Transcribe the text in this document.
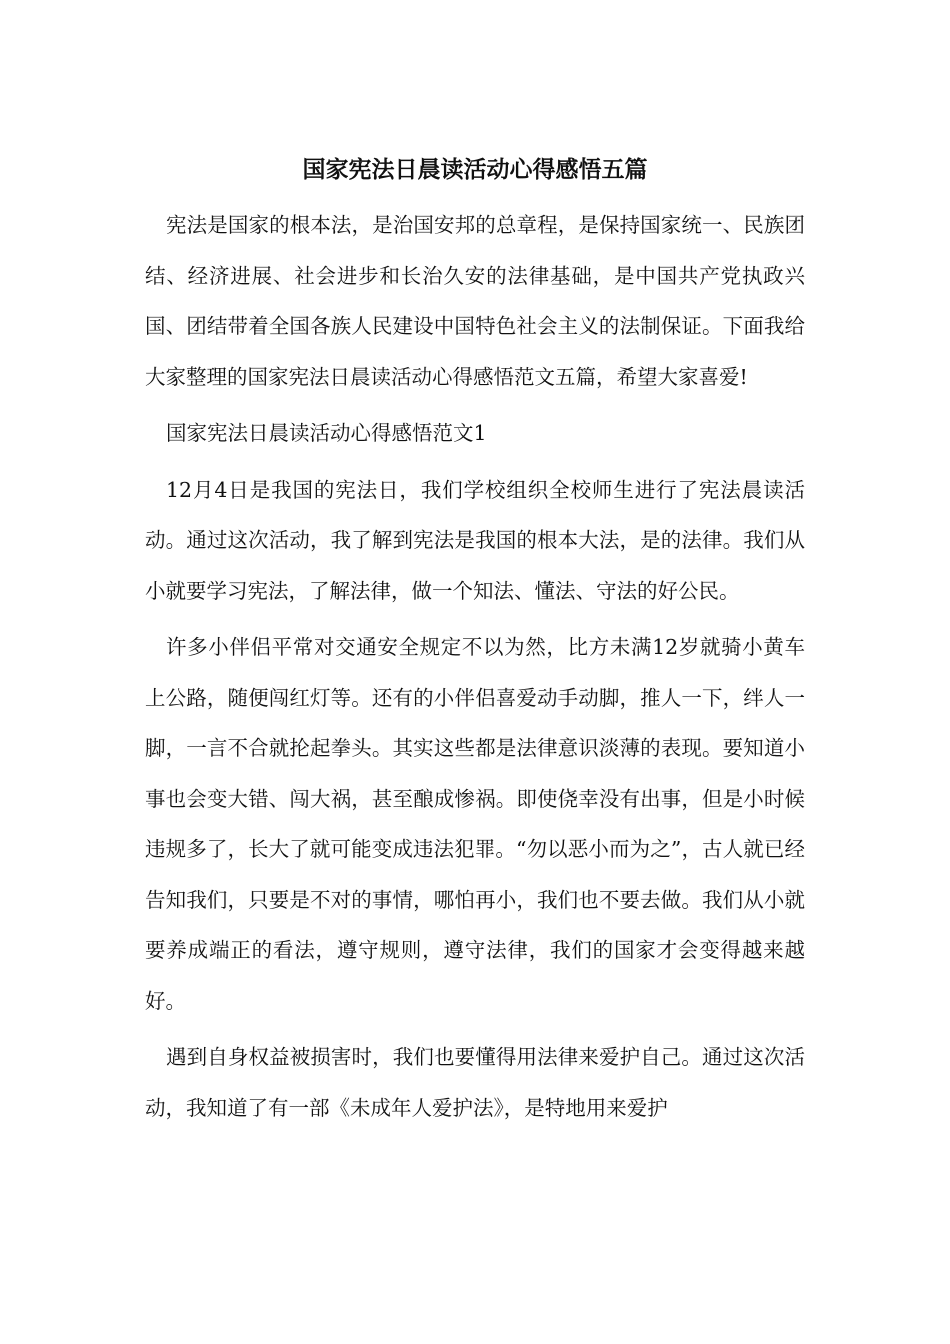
国家宪法日晨读活动心得感悟五篇

宪法是国家的根本法，是治国安邦的总章程，是保持国家统一、民族团结、经济进展、社会进步和长治久安的法律基础，是中国共产党执政兴国、团结带着全国各族人民建设中国特色社会主义的法制保证。下面我给大家整理的国家宪法日晨读活动心得感悟范文五篇，希望大家喜爱!

国家宪法日晨读活动心得感悟范文1

12月4日是我国的宪法日，我们学校组织全校师生进行了宪法晨读活动。通过这次活动，我了解到宪法是我国的根本大法，是的法律。我们从小就要学习宪法，了解法律，做一个知法、懂法、守法的好公民。

许多小伴侣平常对交通安全规定不以为然，比方未满12岁就骑小黄车上公路，随便闯红灯等。还有的小伴侣喜爱动手动脚，推人一下，绊人一脚，一言不合就抡起拳头。其实这些都是法律意识淡薄的表现。要知道小事也会变大错、闯大祸，甚至酿成惨祸。即使侥幸没有出事，但是小时候违规多了，长大了就可能变成违法犯罪。“勿以恶小而为之”，古人就已经告知我们，只要是不对的事情，哪怕再小，我们也不要去做。我们从小就要养成端正的看法，遵守规则，遵守法律，我们的国家才会变得越来越好。

遇到自身权益被损害时，我们也要懂得用法律来爱护自己。通过这次活动，我知道了有一部《未成年人爱护法》，是特地用来爱护
